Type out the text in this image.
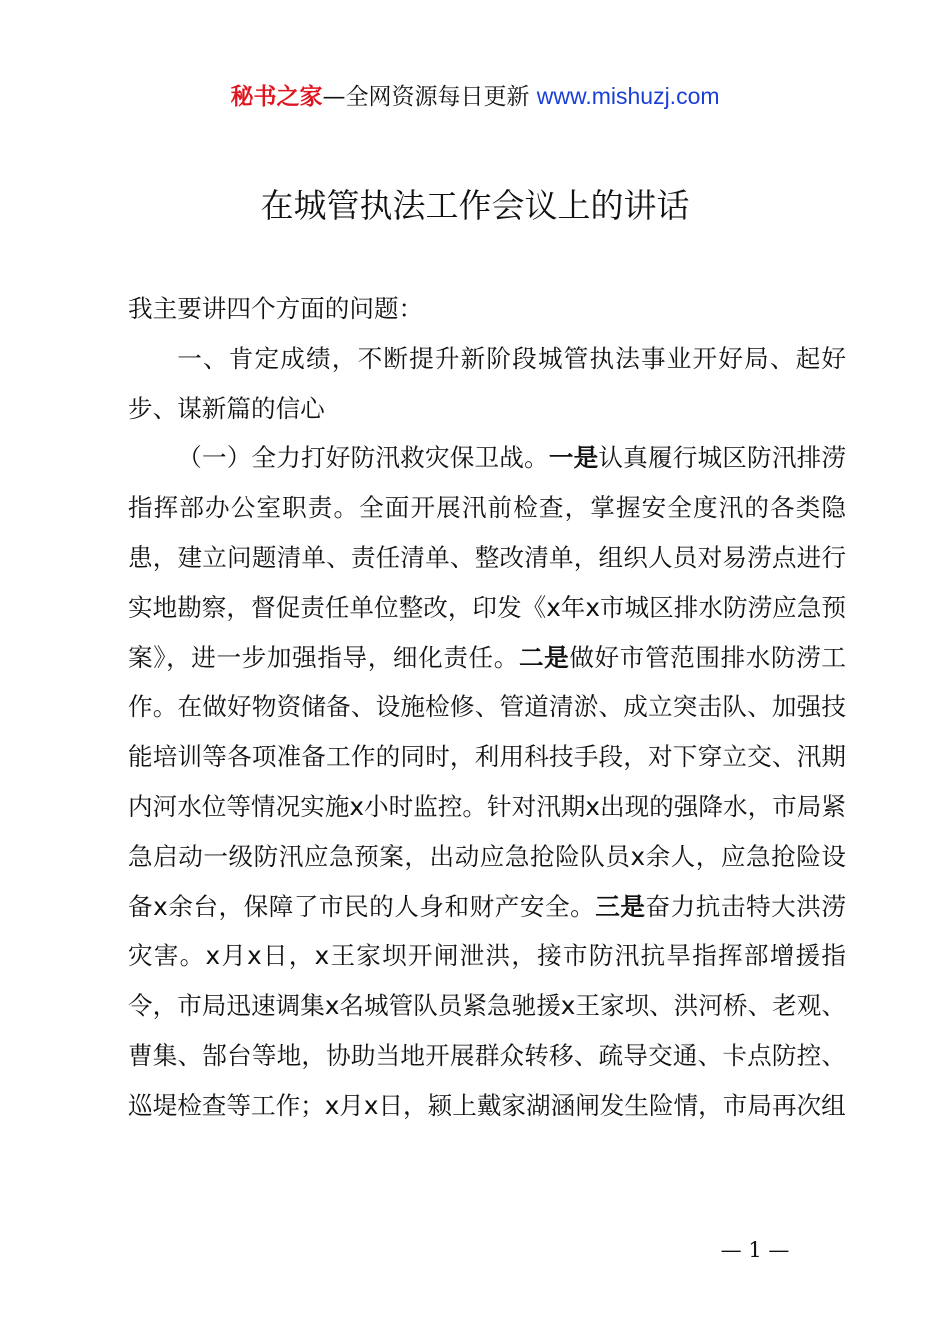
秘书之家—全网资源每日更新 www.mishuzj.com
在城管执法工作会议上的讲话

我主要讲四个方面的问题：

一、肯定成绩，不断提升新阶段城管执法事业开好局、起好步、谋新篇的信心

（一）全力打好防汛救灾保卫战。一是认真履行城区防汛排涝指挥部办公室职责。全面开展汛前检查，掌握安全度汛的各类隐患，建立问题清单、责任清单、整改清单，组织人员对易涝点进行实地勘察，督促责任单位整改，印发《x年x市城区排水防涝应急预案》，进一步加强指导，细化责任。二是做好市管范围排水防涝工作。在做好物资储备、设施检修、管道清淤、成立突击队、加强技能培训等各项准备工作的同时，利用科技手段，对下穿立交、汛期内河水位等情况实施x小时监控。针对汛期x出现的强降水，市局紧急启动一级防汛应急预案，出动应急抢险队员x余人，应急抢险设备x余台，保障了市民的人身和财产安全。三是奋力抗击特大洪涝灾害。x月x日，x王家坝开闸泄洪，接市防汛抗旱指挥部增援指令，市局迅速调集x名城管队员紧急驰援x王家坝、洪河桥、老观、曹集、郜台等地，协助当地开展群众转移、疏导交通、卡点防控、巡堤检查等工作；x月x日，颍上戴家湖涵闸发生险情，市局再次组

— 1 —
